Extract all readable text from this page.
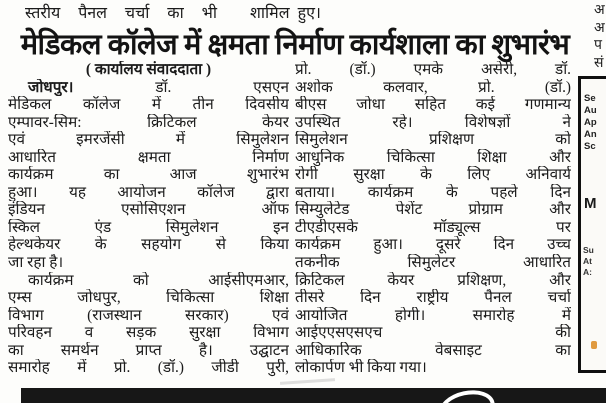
स्तरीय पैनल चर्चा का भी शामिल हुए।
मेडिकल कॉलेज में क्षमता निर्माण कार्यशाला का शुभारंभ
( कार्यालय संवाददाता )
जोधपुर।	डॉ. एसएन
मेडिकल कॉलेज में तीन दिवसीय
एम्पावर-सिम: क्रिटिकल केयर
एवं इमरजेंसी में सिमुलेशन
आधारित क्षमता निर्माण
कार्यक्रम का आज शुभारंभ
हुआ। यह आयोजन कॉलेज द्वारा
इंडियन एसोसिएशन ऑफ
स्किल एंड सिमुलेशन इन
हेल्थकेयर के सहयोग से किया
जा रहा है।
कार्यक्रम को आईसीएमआर,
एम्स जोधपुर, चिकित्सा शिक्षा
विभाग (राजस्थान सरकार) एवं
परिवहन व सड़क सुरक्षा विभाग
का समर्थन प्राप्त है। उद्घाटन
समारोह में प्रो. (डॉ.) जीडी पुरी,
प्रो. (डॉ.) एमके असेरी, डॉ.
अशोक कलवार, प्रो. (डॉ.)
बीएस जोधा सहित कई गणमान्य
उपस्थित रहे। विशेषज्ञों ने
सिमुलेशन प्रशिक्षण को
आधुनिक चिकित्सा शिक्षा और
रोगी सुरक्षा के लिए अनिवार्य
बताया। कार्यक्रम के पहले दिन
सिम्युलेटेड पेशेंट प्रोग्राम और
टीएडीएसके मॉड्यूल्स पर
कार्यक्रम हुआ। दूसरे दिन उच्च
तकनीक सिमुलेटर आधारित
क्रिटिकल केयर प्रशिक्षण, और
तीसरे दिन राष्ट्रीय पैनल चर्चा
आयोजित होगी। समारोह में
आईएएसएसएच की
आधिकारिक वेबसाइट का
लोकार्पण भी किया गया।
अ
अ
प
सं
Se
Au
Ap
An
Sc
M
Su
At
A:
